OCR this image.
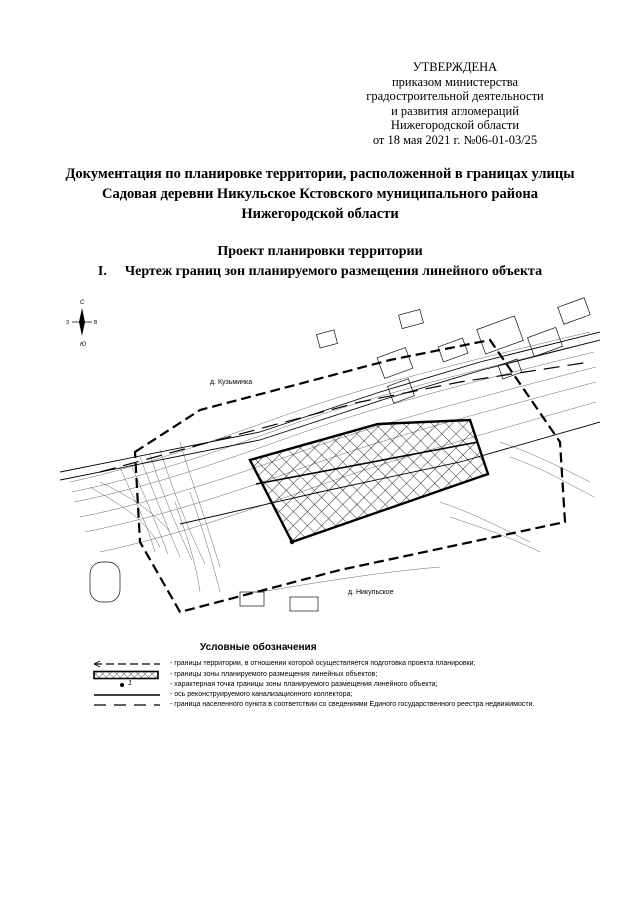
УТВЕРЖДЕНА
приказом министерства
градостроительной деятельности
и развития агломераций
Нижегородской области
от 18 мая 2021 г. №06-01-03/25
Документация по планировке территории, расположенной в границах улицы
Садовая деревни Никульское Кстовского муниципального района
Нижегородской области
Проект планировки территории
I. Чертеж границ зон планируемого размещения линейного объекта
д. Кузьминка
д. Никульское
С
З	В
Ю
Условные обозначения
- границы территории, в отношении которой осуществляется подготовка проекта планировки;
- границы зоны планируемого размещения линейных объектов;
1	- характерная точка границы зоны планируемого размещения линейного объекта;
- ось реконструируемого канализационного коллектора;
- граница населенного пункта в соответствии со сведениями Единого государственного реестра недвижимости.
